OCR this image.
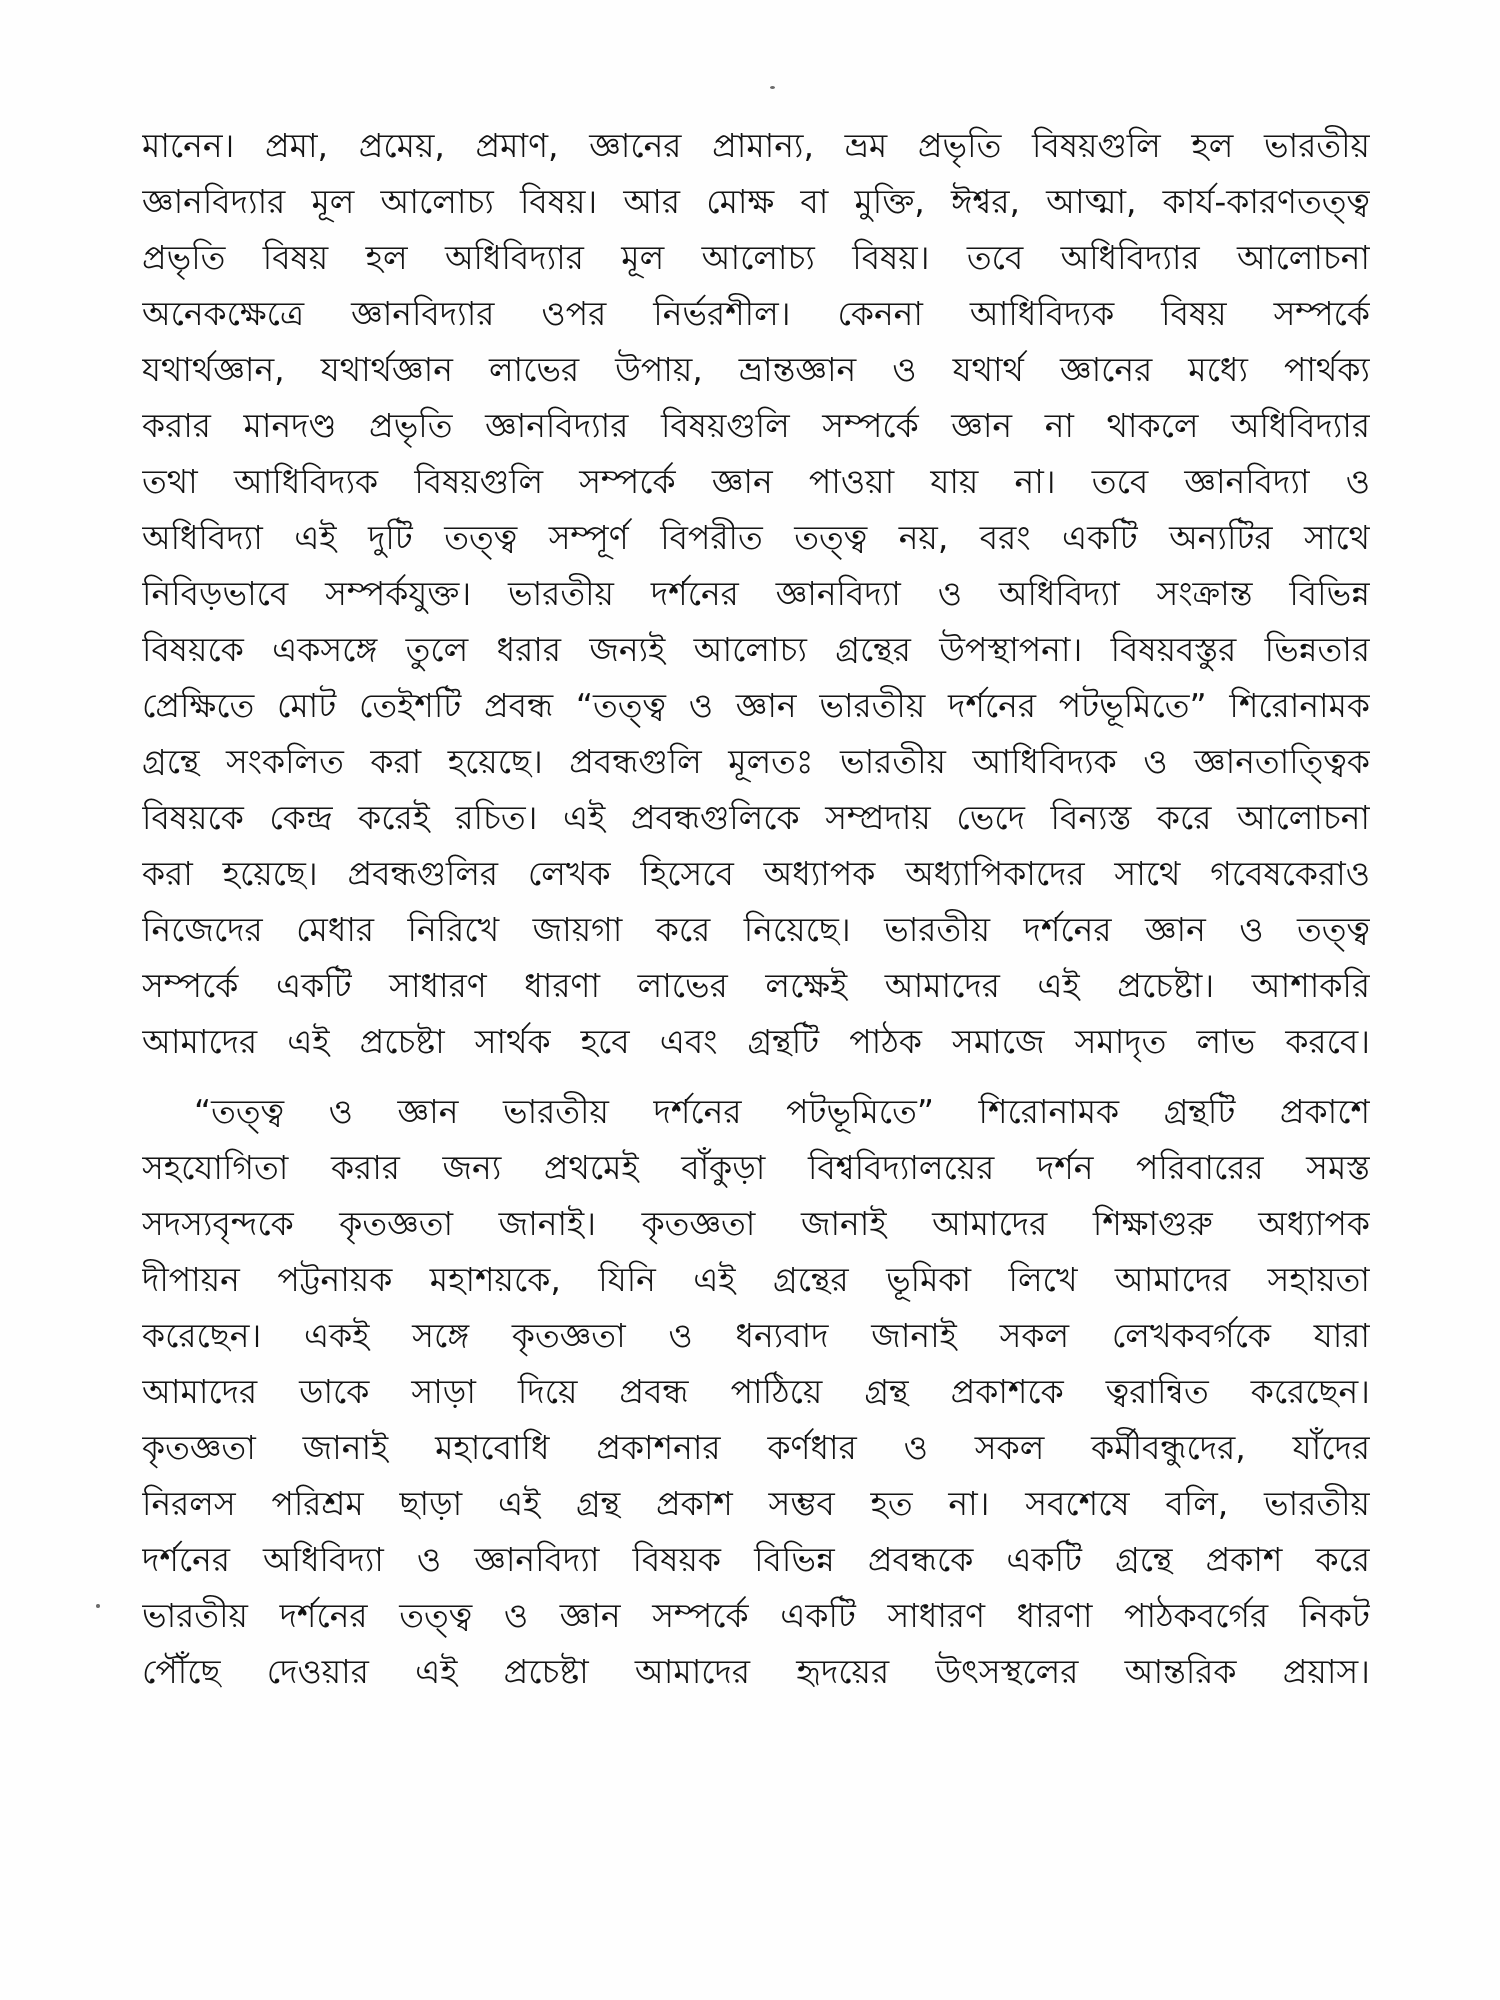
মানেন। প্রমা, প্রমেয়, প্রমাণ, জ্ঞানের প্রামান্য, ভ্রম প্রভৃতি বিষয়গুলি হল ভারতীয়
জ্ঞানবিদ্যার মূল আলোচ্য বিষয়। আর মোক্ষ বা মুক্তি, ঈশ্বর, আত্মা, কার্য-কারণতত্ত্ব
প্রভৃতি বিষয় হল অধিবিদ্যার মূল আলোচ্য বিষয়। তবে অধিবিদ্যার আলোচনা
অনেকক্ষেত্রে জ্ঞানবিদ্যার ওপর নির্ভরশীল। কেননা আধিবিদ্যক বিষয় সম্পর্কে
যথার্থজ্ঞান, যথার্থজ্ঞান লাভের উপায়, ভ্রান্তজ্ঞান ও যথার্থ জ্ঞানের মধ্যে পার্থক্য
করার মানদণ্ড প্রভৃতি জ্ঞানবিদ্যার বিষয়গুলি সম্পর্কে জ্ঞান না থাকলে অধিবিদ্যার
তথা আধিবিদ্যক বিষয়গুলি সম্পর্কে জ্ঞান পাওয়া যায় না। তবে জ্ঞানবিদ্যা ও
অধিবিদ্যা এই দুটি তত্ত্ব সম্পূর্ণ বিপরীত তত্ত্ব নয়, বরং একটি অন্যটির সাথে
নিবিড়ভাবে সম্পর্কযুক্ত। ভারতীয় দর্শনের জ্ঞানবিদ্যা ও অধিবিদ্যা সংক্রান্ত বিভিন্ন
বিষয়কে একসঙ্গে তুলে ধরার জন্যই আলোচ্য গ্রন্থের উপস্থাপনা। বিষয়বস্তুর ভিন্নতার
প্রেক্ষিতে মোট তেইশটি প্রবন্ধ “তত্ত্ব ও জ্ঞান ভারতীয় দর্শনের পটভূমিতে” শিরোনামক
গ্রন্থে সংকলিত করা হয়েছে। প্রবন্ধগুলি মূলতঃ ভারতীয় আধিবিদ্যক ও জ্ঞানতাত্ত্বিক
বিষয়কে কেন্দ্র করেই রচিত। এই প্রবন্ধগুলিকে সম্প্রদায় ভেদে বিন্যস্ত করে আলোচনা
করা হয়েছে। প্রবন্ধগুলির লেখক হিসেবে অধ্যাপক অধ্যাপিকাদের সাথে গবেষকেরাও
নিজেদের মেধার নিরিখে জায়গা করে নিয়েছে। ভারতীয় দর্শনের জ্ঞান ও তত্ত্ব
সম্পর্কে একটি সাধারণ ধারণা লাভের লক্ষেই আমাদের এই প্রচেষ্টা। আশাকরি
আমাদের এই প্রচেষ্টা সার্থক হবে এবং গ্রন্থটি পাঠক সমাজে সমাদৃত লাভ করবে।
“তত্ত্ব ও জ্ঞান ভারতীয় দর্শনের পটভূমিতে” শিরোনামক গ্রন্থটি প্রকাশে
সহযোগিতা করার জন্য প্রথমেই বাঁকুড়া বিশ্ববিদ্যালয়ের দর্শন পরিবারের সমস্ত
সদস্যবৃন্দকে কৃতজ্ঞতা জানাই। কৃতজ্ঞতা জানাই আমাদের শিক্ষাগুরু অধ্যাপক
দীপায়ন পট্টনায়ক মহাশয়কে, যিনি এই গ্রন্থের ভূমিকা লিখে আমাদের সহায়তা
করেছেন। একই সঙ্গে কৃতজ্ঞতা ও ধন্যবাদ জানাই সকল লেখকবর্গকে যারা
আমাদের ডাকে সাড়া দিয়ে প্রবন্ধ পাঠিয়ে গ্রন্থ প্রকাশকে ত্বরান্বিত করেছেন।
কৃতজ্ঞতা জানাই মহাবোধি প্রকাশনার কর্ণধার ও সকল কর্মীবন্ধুদের, যাঁদের
নিরলস পরিশ্রম ছাড়া এই গ্রন্থ প্রকাশ সম্ভব হত না। সবশেষে বলি, ভারতীয়
দর্শনের অধিবিদ্যা ও জ্ঞানবিদ্যা বিষয়ক বিভিন্ন প্রবন্ধকে একটি গ্রন্থে প্রকাশ করে
ভারতীয় দর্শনের তত্ত্ব ও জ্ঞান সম্পর্কে একটি সাধারণ ধারণা পাঠকবর্গের নিকট
পৌঁছে দেওয়ার এই প্রচেষ্টা আমাদের হৃদয়ের উৎসস্থলের আন্তরিক প্রয়াস।
